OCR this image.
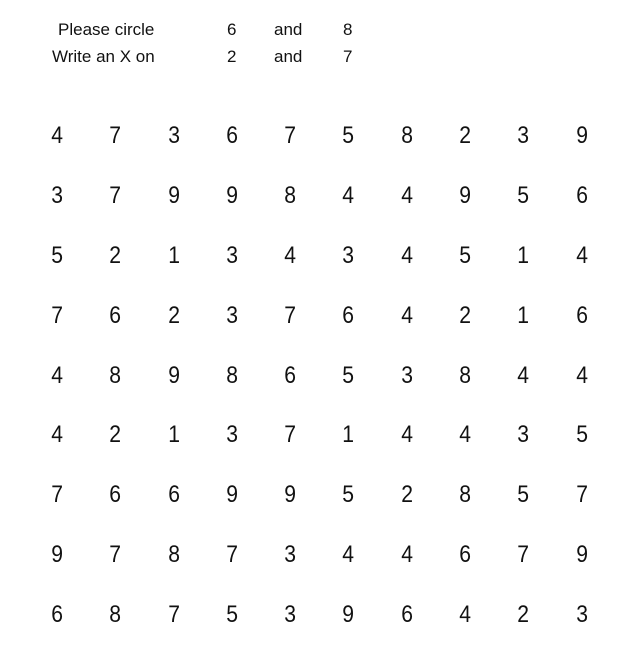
Please circle	6 and 8
Write an X on	2 and 7
4	7	3	6	7	5	8	2	3	9
3	7	9	9	8	4	4	9	5	6
5	2	1	3	4	3	4	5	1	4
7	6	2	3	7	6	4	2	1	6
4	8	9	8	6	5	3	8	4	4
4	2	1	3	7	1	4	4	3	5
7	6	6	9	9	5	2	8	5	7
9	7	8	7	3	4	4	6	7	9
6	8	7	5	3	9	6	4	2	3
